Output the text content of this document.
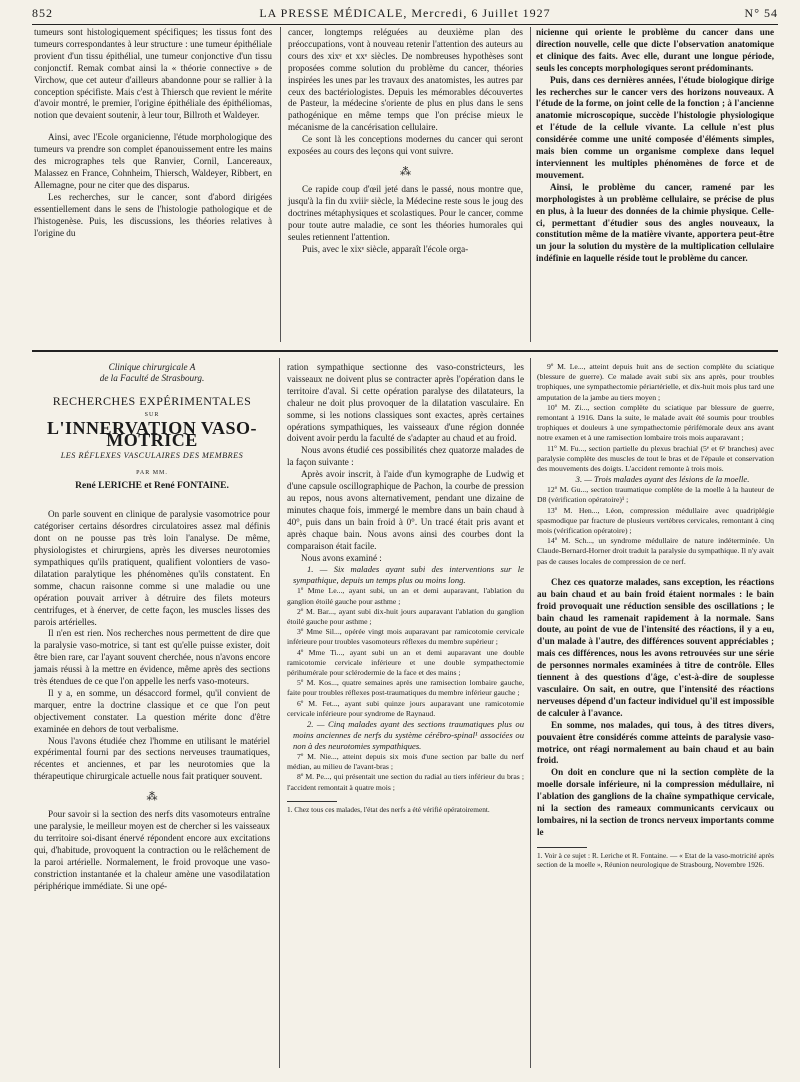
852	LA PRESSE MÉDICALE, Mercredi, 6 Juillet 1927	N° 54

tumeurs sont histologiquement spécifiques; les tissus font des tumeurs correspondantes à leur structure : une tumeur épithéliale provient d'un tissu épithélial, une tumeur conjonctive d'un tissu conjonctif. Remak combat ainsi la « théorie connective » de Virchow, que cet auteur d'ailleurs abandonne pour se rallier à la conception spécifiste. Mais c'est à Thiersch que revient le mérite d'avoir montré, le premier, l'origine épithéliale des épithéliomas, notion que devaient soutenir, à leur tour, Billroth et Waldeyer.

Ainsi, avec l'Ecole organicienne, l'étude morphologique des tumeurs va prendre son complet épanouissement entre les mains des micrographes tels que Ranvier, Cornil, Lancereaux, Malassez en France, Cohnheim, Thiersch, Waldeyer, Ribbert, en Allemagne, pour ne citer que des disparus.

Les recherches, sur le cancer, sont d'abord dirigées essentiellement dans le sens de l'histologie pathologique et de l'histogenèse. Puis, les discussions, les théories relatives à l'origine du

cancer, longtemps reléguées au deuxième plan des préoccupations, vont à nouveau retenir l'attention des auteurs au cours des xixᵉ et xxᵉ siècles. De nombreuses hypothèses sont proposées comme solution du problème du cancer, théories inspirées les unes par les travaux des anatomistes, les autres par ceux des bactériologistes. Depuis les mémorables découvertes de Pasteur, la médecine s'oriente de plus en plus dans le sens pathogénique en même temps que l'on précise mieux le mécanisme de la cancérisation cellulaire.

Ce sont là les conceptions modernes du cancer qui seront exposées au cours des leçons qui vont suivre.

⁂

Ce rapide coup d'œil jeté dans le passé, nous montre que, jusqu'à la fin du xviiiᵉ siècle, la Médecine reste sous le joug des doctrines métaphysiques et scolastiques. Pour le cancer, comme pour toute autre maladie, ce sont les théories humorales qui seules retiennent l'attention.

Puis, avec le xixᵉ siècle, apparaît l'école orga-

nicienne qui oriente le problème du cancer dans une direction nouvelle, celle que dicte l'observation anatomique et clinique des faits. Avec elle, durant une longue période, seuls les concepts morphologiques seront prédominants.

Puis, dans ces dernières années, l'étude biologique dirige les recherches sur le cancer vers des horizons nouveaux. A l'étude de la forme, on joint celle de la fonction ; à l'ancienne anatomie microscopique, succède l'histologie physiologique et l'étude de la cellule vivante. La cellule n'est plus considérée comme une unité composée d'éléments simples, mais bien comme un organisme complexe dans lequel interviennent les multiples phénomènes de force et de mouvement.

Ainsi, le problème du cancer, ramené par les morphologistes à un problème cellulaire, se précise de plus en plus, à la lueur des données de la chimie physique. Celle-ci, permettant d'étudier sous des angles nouveaux, la constitution même de la matière vivante, apportera peut-être un jour la solution du mystère de la multiplication cellulaire indéfinie en laquelle réside tout le problème du cancer.

Clinique chirurgicale A
de la Faculté de Strasbourg.
RECHERCHES EXPÉRIMENTALES
SUR
L'INNERVATION VASO-MOTRICE
LES RÉFLEXES VASCULAIRES DES MEMBRES
PAR MM.
René LERICHE et René FONTAINE.

On parle souvent en clinique de paralysie vasomotrice pour catégoriser certains désordres circulatoires assez mal définis dont on ne pousse pas très loin l'analyse. De même, physiologistes et chirurgiens, après les diverses neurotomies sympathiques qu'ils pratiquent, qualifient volontiers de vaso-dilatation paralytique les phénomènes qu'ils constatent. En somme, chacun raisonne comme si une maladie ou une opération pouvait arriver à détruire des filets moteurs centrifuges, et à énerver, de cette façon, les muscles lisses des parois artérielles.

Il n'en est rien. Nos recherches nous permettent de dire que la paralysie vaso-motrice, si tant est qu'elle puisse exister, doit être bien rare, car l'ayant souvent cherchée, nous n'avons encore jamais réussi à la mettre en évidence, même après des sections très étendues de ce que l'on appelle les nerfs vaso-moteurs.

Il y a, en somme, un désaccord formel, qu'il convient de marquer, entre la doctrine classique et ce que l'on peut objectivement constater. La question mérite donc d'être examinée en dehors de tout verbalisme.

Nous l'avons étudiée chez l'homme en utilisant le matériel expérimental fourni par des sections nerveuses traumatiques, récentes et anciennes, et par les neurotomies que la thérapeutique chirurgicale actuelle nous fait pratiquer souvent.

⁂

Pour savoir si la section des nerfs dits vasomoteurs entraîne une paralysie, le meilleur moyen est de chercher si les vaisseaux du territoire soi-disant énervé répondent encore aux excitations qui, d'habitude, provoquent la contraction ou le relâchement de la paroi artérielle. Normalement, le froid provoque une vaso-constriction instantanée et la chaleur amène une vasodilatation périphérique immédiate. Si une opé-

ration sympathique sectionne des vaso-constricteurs, les vaisseaux ne doivent plus se contracter après l'opération dans le territoire d'aval. Si cette opération paralyse des dilatateurs, la chaleur ne doit plus provoquer de la dilatation vasculaire. En somme, si les notions classiques sont exactes, après certaines opérations sympathiques, les vaisseaux d'une région donnée doivent avoir perdu la faculté de s'adapter au chaud et au froid.

Nous avons étudié ces possibilités chez quatorze malades de la façon suivante :

Après avoir inscrit, à l'aide d'un kymographe de Ludwig et d'une capsule oscillographique de Pachon, la courbe de pression au repos, nous avons alternativement, pendant une dizaine de minutes chaque fois, immergé le membre dans un bain chaud à 40°, puis dans un bain froid à 0°. Un tracé était pris avant et après chaque bain. Nous avons ainsi des courbes dont la comparaison était facile.

Nous avons examiné :

1. — Six malades ayant subi des interventions sur le sympathique, depuis un temps plus ou moins long.

1º Mme Le..., ayant subi, un an et demi auparavant, l'ablation du ganglion étoilé gauche pour asthme ;

2º M. Bar..., ayant subi dix-huit jours auparavant l'ablation du ganglion étoilé gauche pour asthme ;

3º Mme Sil..., opérée vingt mois auparavant par ramicotomie cervicale inférieure pour troubles vasomoteurs réflexes du membre supérieur ;

4º Mme Ti..., ayant subi un an et demi auparavant une double ramicotomie cervicale inférieure et une double sympathectomie périhumérale pour sclérodermie de la face et des mains ;

5º M. Kos..., quatre semaines après une ramisection lombaire gauche, faite pour troubles réflexes post-traumatiques du membre inférieur gauche ;

6º M. Fet..., ayant subi quinze jours auparavant une ramicotomie cervicale inférieure pour syndrome de Raynaud.

2. — Cinq malades ayant des sections traumatiques plus ou moins anciennes de nerfs du système cérébro-spinal¹ associées ou non à des neurotomies sympathiques.

7º M. Nie..., atteint depuis six mois d'une section par balle du nerf médian, au milieu de l'avant-bras ;

8º M. Pe..., qui présentait une section du radial au tiers inférieur du bras ; l'accident remontait à quatre mois ;

1. Chez tous ces malades, l'état des nerfs a été vérifié opératoirement.

9º M. Le..., atteint depuis huit ans de section complète du sciatique (blessure de guerre). Ce malade avait subi six ans après, pour troubles trophiques, une sympathectomie périartérielle, et dix-huit mois plus tard une amputation de la jambe au tiers moyen ;

10º M. Zi..., section complète du sciatique par blessure de guerre, remontant à 1916. Dans la suite, le malade avait été soumis pour troubles trophiques et douleurs à une sympathectomie périfémorale deux ans avant notre examen et à une ramisection lombaire trois mois auparavant ;

11º M. Fu..., section partielle du plexus brachial (5ᵉ et 6ᵉ branches) avec paralysie complète des muscles de tout le bras et de l'épaule et conservation des mouvements des doigts. L'accident remonte à trois mois.

3. — Trois malades ayant des lésions de la moelle.

12º M. Gu..., section traumatique complète de la moelle à la hauteur de D8 (vérification opératoire)¹ ;

13º M. Hen..., Léon, compression médullaire avec quadriplégie spasmodique par fracture de plusieurs vertèbres cervicales, remontant à cinq mois (vérification opératoire) ;

14º M. Sch..., un syndrome médullaire de nature indéterminée. Un Claude-Bernard-Horner droit traduit la paralysie du sympathique. Il n'y avait pas de causes locales de compression de ce nerf.

Chez ces quatorze malades, sans exception, les réactions au bain chaud et au bain froid étaient normales : le bain froid provoquait une réduction sensible des oscillations ; le bain chaud les ramenait rapidement à la normale. Sans doute, au point de vue de l'intensité des réactions, il y a eu, d'un malade à l'autre, des différences souvent appréciables ; mais ces différences, nous les avons retrouvées sur une série de personnes normales examinées à titre de contrôle. Elles tiennent à des questions d'âge, c'est-à-dire de souplesse vasculaire. On sait, en outre, que l'intensité des réactions nerveuses dépend d'un facteur individuel qu'il est impossible de calculer à l'avance.

En somme, nos malades, qui tous, à des titres divers, pouvaient être considérés comme atteints de paralysie vaso-motrice, ont réagi normalement au bain chaud et au bain froid.

On doit en conclure que ni la section complète de la moelle dorsale inférieure, ni la compression médullaire, ni l'ablation des ganglions de la chaîne sympathique cervicale, ni la section des rameaux communicants cervicaux ou lombaires, ni la section de troncs nerveux importants comme le

1. Voir à ce sujet : R. Leriche et R. Fontaine. — « Etat de la vaso-motricité après section de la moelle », Réunion neurologique de Strasbourg, Novembre 1926.
